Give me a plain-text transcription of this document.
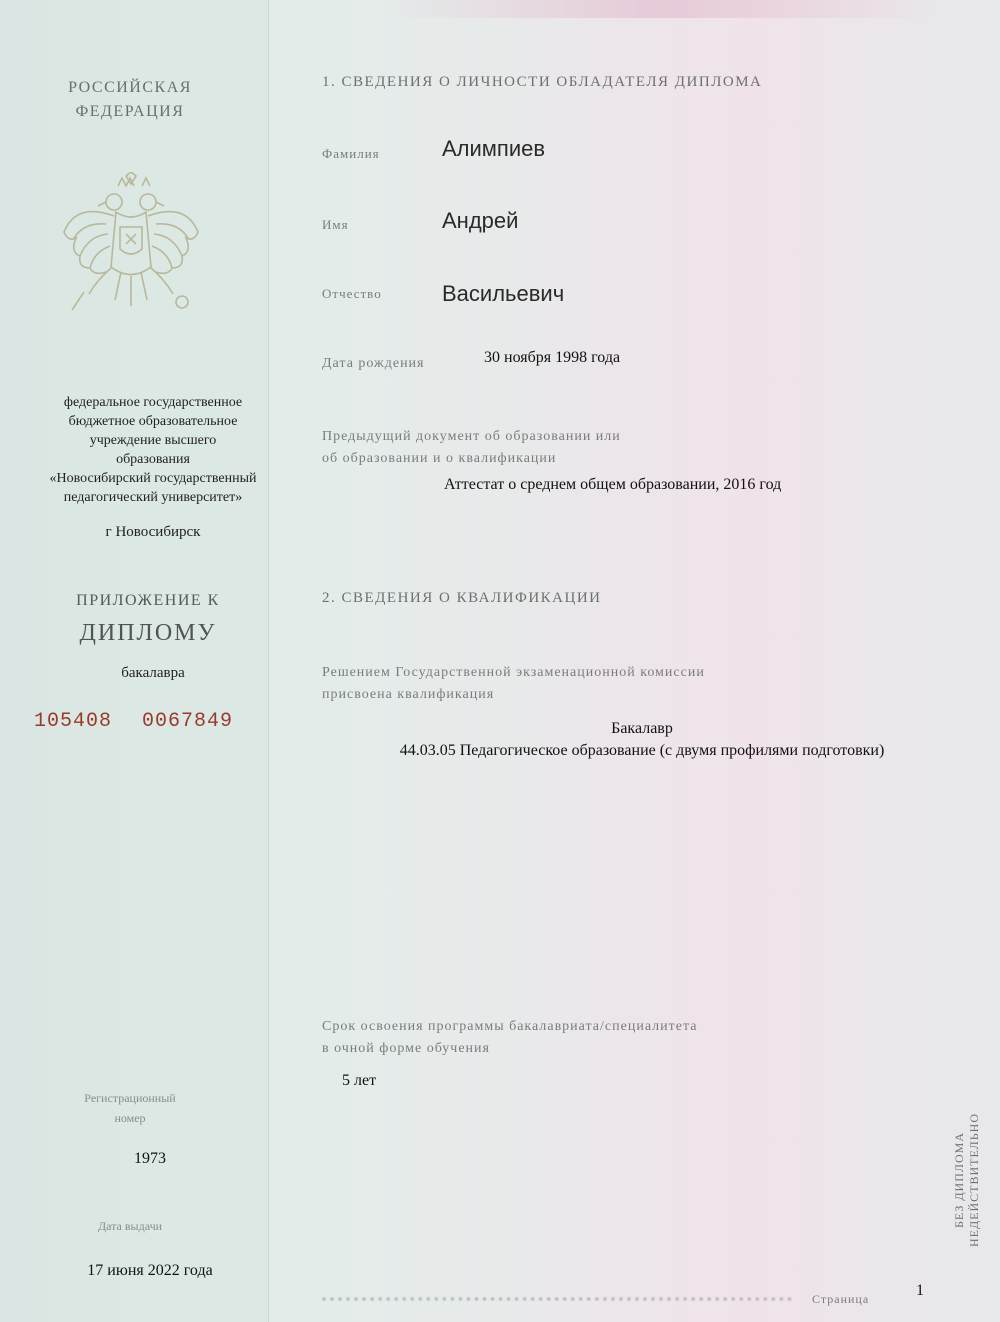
РОССИЙСКАЯ
ФЕДЕРАЦИЯ
федеральное государственное
бюджетное образовательное
учреждение высшего
образования
«Новосибирский государственный
педагогический университет»
г Новосибирск
ПРИЛОЖЕНИЕ К
ДИПЛОМУ
бакалавра
105408 0067849
Регистрационный
номер
1973
Дата выдачи
17 июня 2022 года
1. СВЕДЕНИЯ О ЛИЧНОСТИ ОБЛАДАТЕЛЯ ДИПЛОМА
Фамилия	Алимпиев
Имя	Андрей
Отчество	Васильевич
Дата рождения	30 ноября 1998 года
Предыдущий документ об образовании или
об образовании и о квалификации
Аттестат о среднем общем образовании, 2016 год
2. СВЕДЕНИЯ О КВАЛИФИКАЦИИ
Решением Государственной экзаменационной комиссии
присвоена квалификация
Бакалавр
44.03.05 Педагогическое образование (с двумя профилями подготовки)
Срок освоения программы бакалавриата/специалитета
в очной форме обучения
5 лет
Страница	1
БЕЗ ДИПЛОМА НЕДЕЙСТВИТЕЛЬНО
